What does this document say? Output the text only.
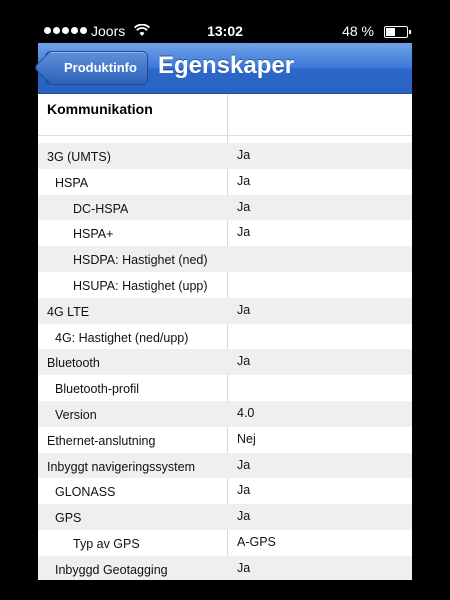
Joors	13:02	48 %
Produktinfo Egenskaper
Kommunikation
3G (UMTS)	Ja
HSPA	Ja
DC-HSPA	Ja
HSPA+	Ja
HSDPA: Hastighet (ned)
HSUPA: Hastighet (upp)
4G LTE	Ja
4G: Hastighet (ned/upp)
Bluetooth	Ja
Bluetooth-profil
Version	4.0
Ethernet-anslutning	Nej
Inbyggt navigeringssystem	Ja
GLONASS	Ja
GPS	Ja
Typ av GPS	A-GPS
Inbyggd Geotagging	Ja
